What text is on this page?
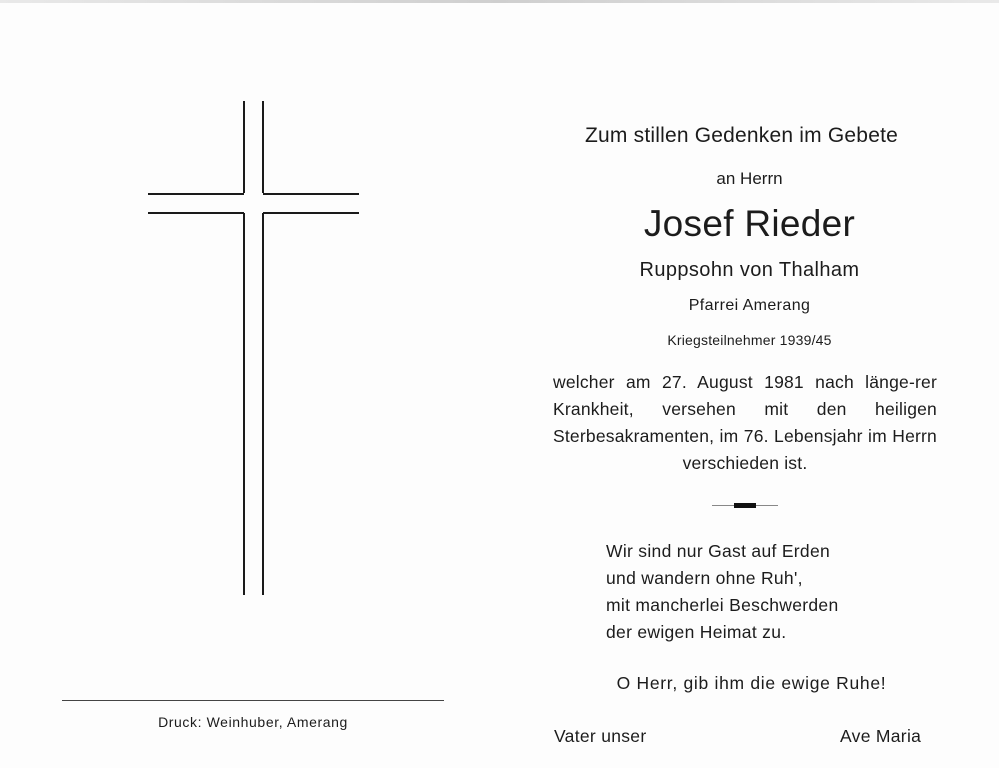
Druck: Weinhuber, Amerang
Zum stillen Gedenken im Gebete
an Herrn
Josef Rieder
Ruppsohn von Thalham
Pfarrei Amerang
Kriegsteilnehmer 1939/45
welcher am 27. August 1981 nach länge-rer Krankheit, versehen mit den heiligen Sterbesakramenten, im 76. Lebensjahr im Herrn verschieden ist.
Wir sind nur Gast auf Erden
und wandern ohne Ruh',
mit mancherlei Beschwerden
der ewigen Heimat zu.
O Herr, gib ihm die ewige Ruhe!
Vater unser	Ave Maria
